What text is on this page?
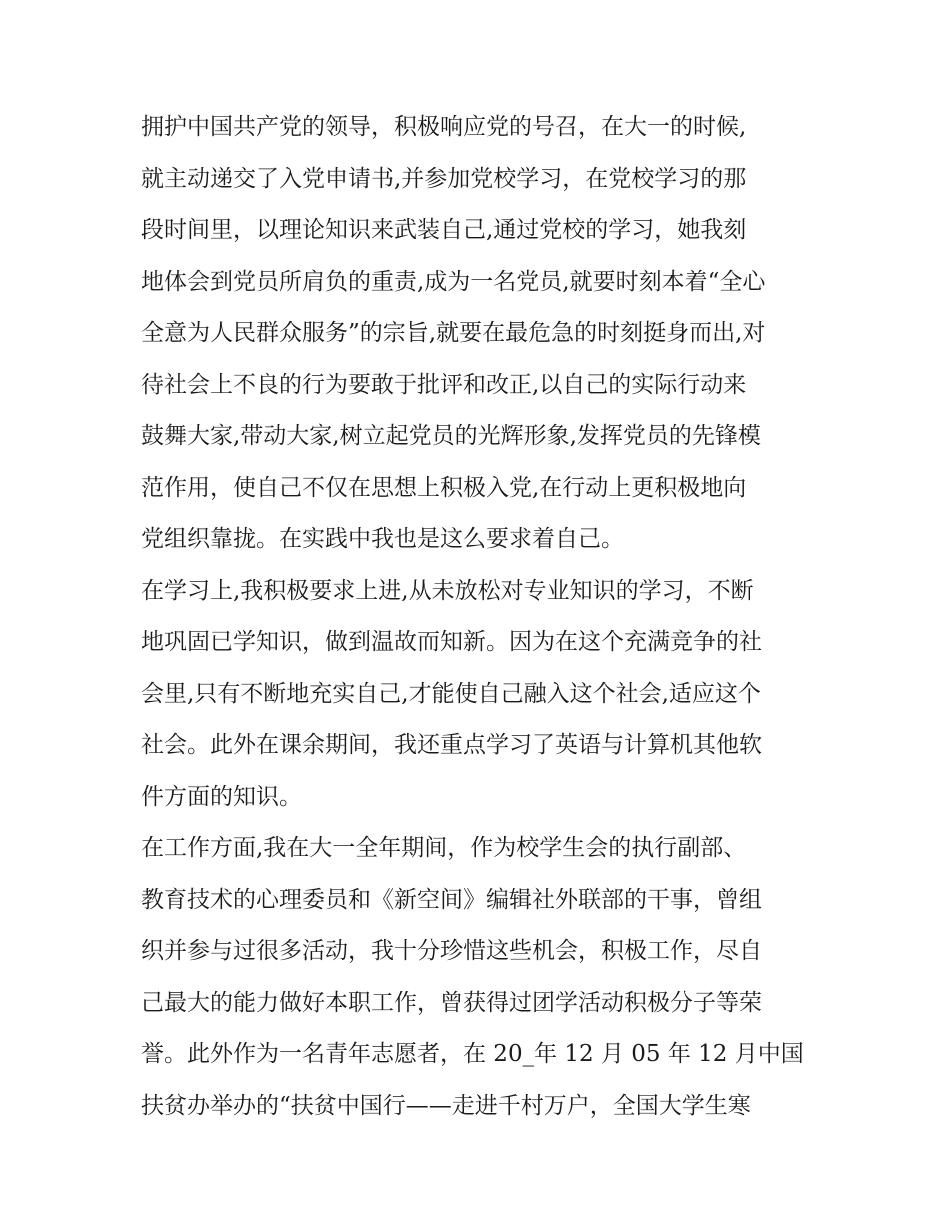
拥护中国共产党的领导，积极响应党的号召，在大一的时候,
就主动递交了入党申请书,并参加党校学习，在党校学习的那
段时间里，以理论知识来武装自己,通过党校的学习，她我刻
地体会到党员所肩负的重责,成为一名党员,就要时刻本着“全心
全意为人民群众服务”的宗旨,就要在最危急的时刻挺身而出,对
待社会上不良的行为要敢于批评和改正,以自己的实际行动来
鼓舞大家,带动大家,树立起党员的光辉形象,发挥党员的先锋模
范作用，使自己不仅在思想上积极入党,在行动上更积极地向
党组织靠拢。在实践中我也是这么要求着自己。
在学习上,我积极要求上进,从未放松对专业知识的学习，不断
地巩固已学知识，做到温故而知新。因为在这个充满竞争的社
会里,只有不断地充实自己,才能使自己融入这个社会,适应这个
社会。此外在课余期间，我还重点学习了英语与计算机其他软
件方面的知识。
在工作方面,我在大一全年期间，作为校学生会的执行副部、
教育技术的心理委员和《新空间》编辑社外联部的干事，曾组
织并参与过很多活动，我十分珍惜这些机会，积极工作，尽自
己最大的能力做好本职工作，曾获得过团学活动积极分子等荣
誉。此外作为一名青年志愿者，在 20_年 12 月 05 年 12 月中国
扶贫办举办的“扶贫中国行——走进千村万户，全国大学生寒
